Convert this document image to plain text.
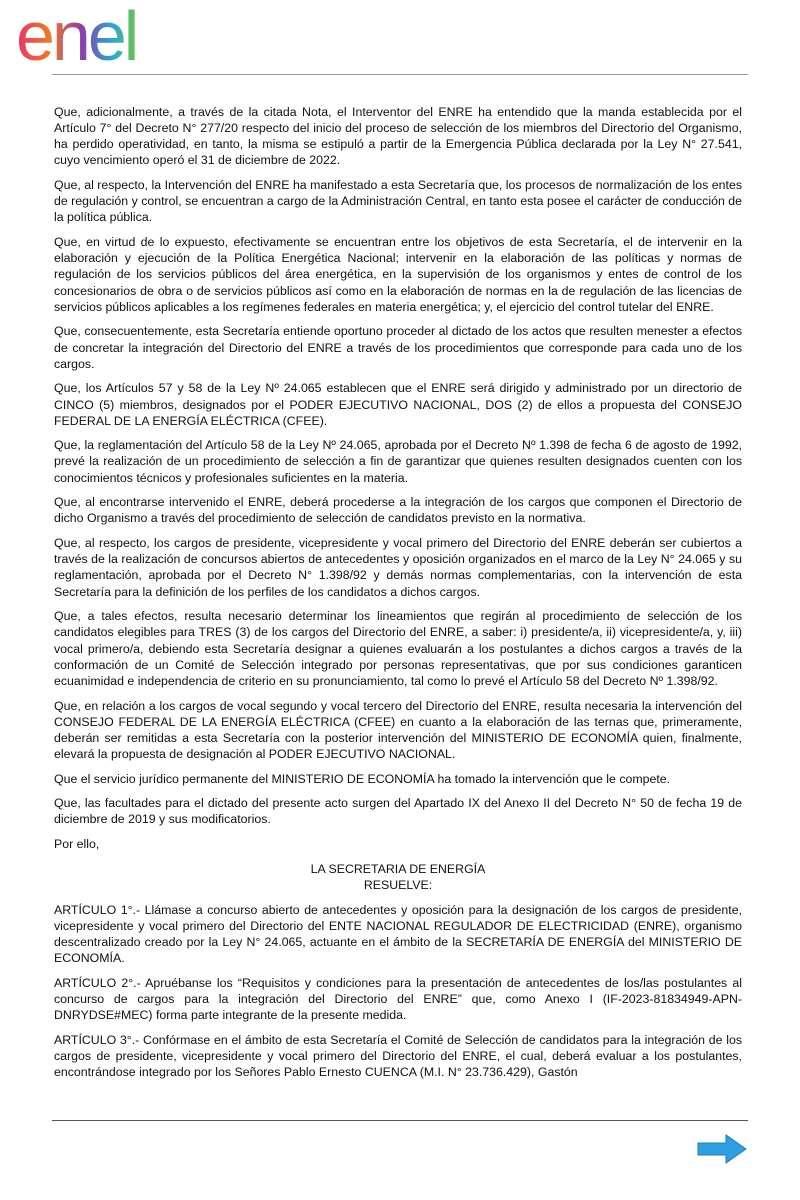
enel

Que, adicionalmente, a través de la citada Nota, el Interventor del ENRE ha entendido que la manda establecida por el Artículo 7° del Decreto N° 277/20 respecto del inicio del proceso de selección de los miembros del Directorio del Organismo, ha perdido operatividad, en tanto, la misma se estipuló a partir de la Emergencia Pública declarada por la Ley N° 27.541, cuyo vencimiento operó el 31 de diciembre de 2022.

Que, al respecto, la Intervención del ENRE ha manifestado a esta Secretaría que, los procesos de normalización de los entes de regulación y control, se encuentran a cargo de la Administración Central, en tanto esta posee el carácter de conducción de la política pública.

Que, en virtud de lo expuesto, efectivamente se encuentran entre los objetivos de esta Secretaría, el de intervenir en la elaboración y ejecución de la Política Energética Nacional; intervenir en la elaboración de las políticas y normas de regulación de los servicios públicos del área energética, en la supervisión de los organismos y entes de control de los concesionarios de obra o de servicios públicos así como en la elaboración de normas en la de regulación de las licencias de servicios públicos aplicables a los regímenes federales en materia energética; y, el ejercicio del control tutelar del ENRE.

Que, consecuentemente, esta Secretaría entiende oportuno proceder al dictado de los actos que resulten menester a efectos de concretar la integración del Directorio del ENRE a través de los procedimientos que corresponde para cada uno de los cargos.

Que, los Artículos 57 y 58 de la Ley Nº 24.065 establecen que el ENRE será dirigido y administrado por un directorio de CINCO (5) miembros, designados por el PODER EJECUTIVO NACIONAL, DOS (2) de ellos a propuesta del CONSEJO FEDERAL DE LA ENERGÍA ELÉCTRICA (CFEE).

Que, la reglamentación del Artículo 58 de la Ley Nº 24.065, aprobada por el Decreto Nº 1.398 de fecha 6 de agosto de 1992, prevé la realización de un procedimiento de selección a fin de garantizar que quienes resulten designados cuenten con los conocimientos técnicos y profesionales suficientes en la materia.

Que, al encontrarse intervenido el ENRE, deberá procederse a la integración de los cargos que componen el Directorio de dicho Organismo a través del procedimiento de selección de candidatos previsto en la normativa.

Que, al respecto, los cargos de presidente, vicepresidente y vocal primero del Directorio del ENRE deberán ser cubiertos a través de la realización de concursos abiertos de antecedentes y oposición organizados en el marco de la Ley N° 24.065 y su reglamentación, aprobada por el Decreto N° 1.398/92 y demás normas complementarias, con la intervención de esta Secretaría para la definición de los perfiles de los candidatos a dichos cargos.

Que, a tales efectos, resulta necesario determinar los lineamientos que regirán al procedimiento de selección de los candidatos elegibles para TRES (3) de los cargos del Directorio del ENRE, a saber: i) presidente/a, ii) vicepresidente/a, y, iii) vocal primero/a, debiendo esta Secretaría designar a quienes evaluarán a los postulantes a dichos cargos a través de la conformación de un Comité de Selección integrado por personas representativas, que por sus condiciones garanticen ecuanimidad e independencia de criterio en su pronunciamiento, tal como lo prevé el Artículo 58 del Decreto Nº 1.398/92.

Que, en relación a los cargos de vocal segundo y vocal tercero del Directorio del ENRE, resulta necesaria la intervención del CONSEJO FEDERAL DE LA ENERGÍA ELÉCTRICA (CFEE) en cuanto a la elaboración de las ternas que, primeramente, deberán ser remitidas a esta Secretaría con la posterior intervención del MINISTERIO DE ECONOMÍA quien, finalmente, elevará la propuesta de designación al PODER EJECUTIVO NACIONAL.

Que el servicio jurídico permanente del MINISTERIO DE ECONOMÍA ha tomado la intervención que le compete.

Que, las facultades para el dictado del presente acto surgen del Apartado IX del Anexo II del Decreto N° 50 de fecha 19 de diciembre de 2019 y sus modificatorios.

Por ello,

LA SECRETARIA DE ENERGÍA

RESUELVE:

ARTÍCULO 1°.- Llámase a concurso abierto de antecedentes y oposición para la designación de los cargos de presidente, vicepresidente y vocal primero del Directorio del ENTE NACIONAL REGULADOR DE ELECTRICIDAD (ENRE), organismo descentralizado creado por la Ley N° 24.065, actuante en el ámbito de la SECRETARÍA DE ENERGÍA del MINISTERIO DE ECONOMÍA.

ARTÍCULO 2°.- Apruébanse los “Requisitos y condiciones para la presentación de antecedentes de los/las postulantes al concurso de cargos para la integración del Directorio del ENRE” que, como Anexo I (IF-2023-81834949-APN-DNRYDSE#MEC) forma parte integrante de la presente medida.

ARTÍCULO 3°.- Confórmase en el ámbito de esta Secretaría el Comité de Selección de candidatos para la integración de los cargos de presidente, vicepresidente y vocal primero del Directorio del ENRE, el cual, deberá evaluar a los postulantes, encontrándose integrado por los Señores Pablo Ernesto CUENCA (M.I. N° 23.736.429), Gastón
